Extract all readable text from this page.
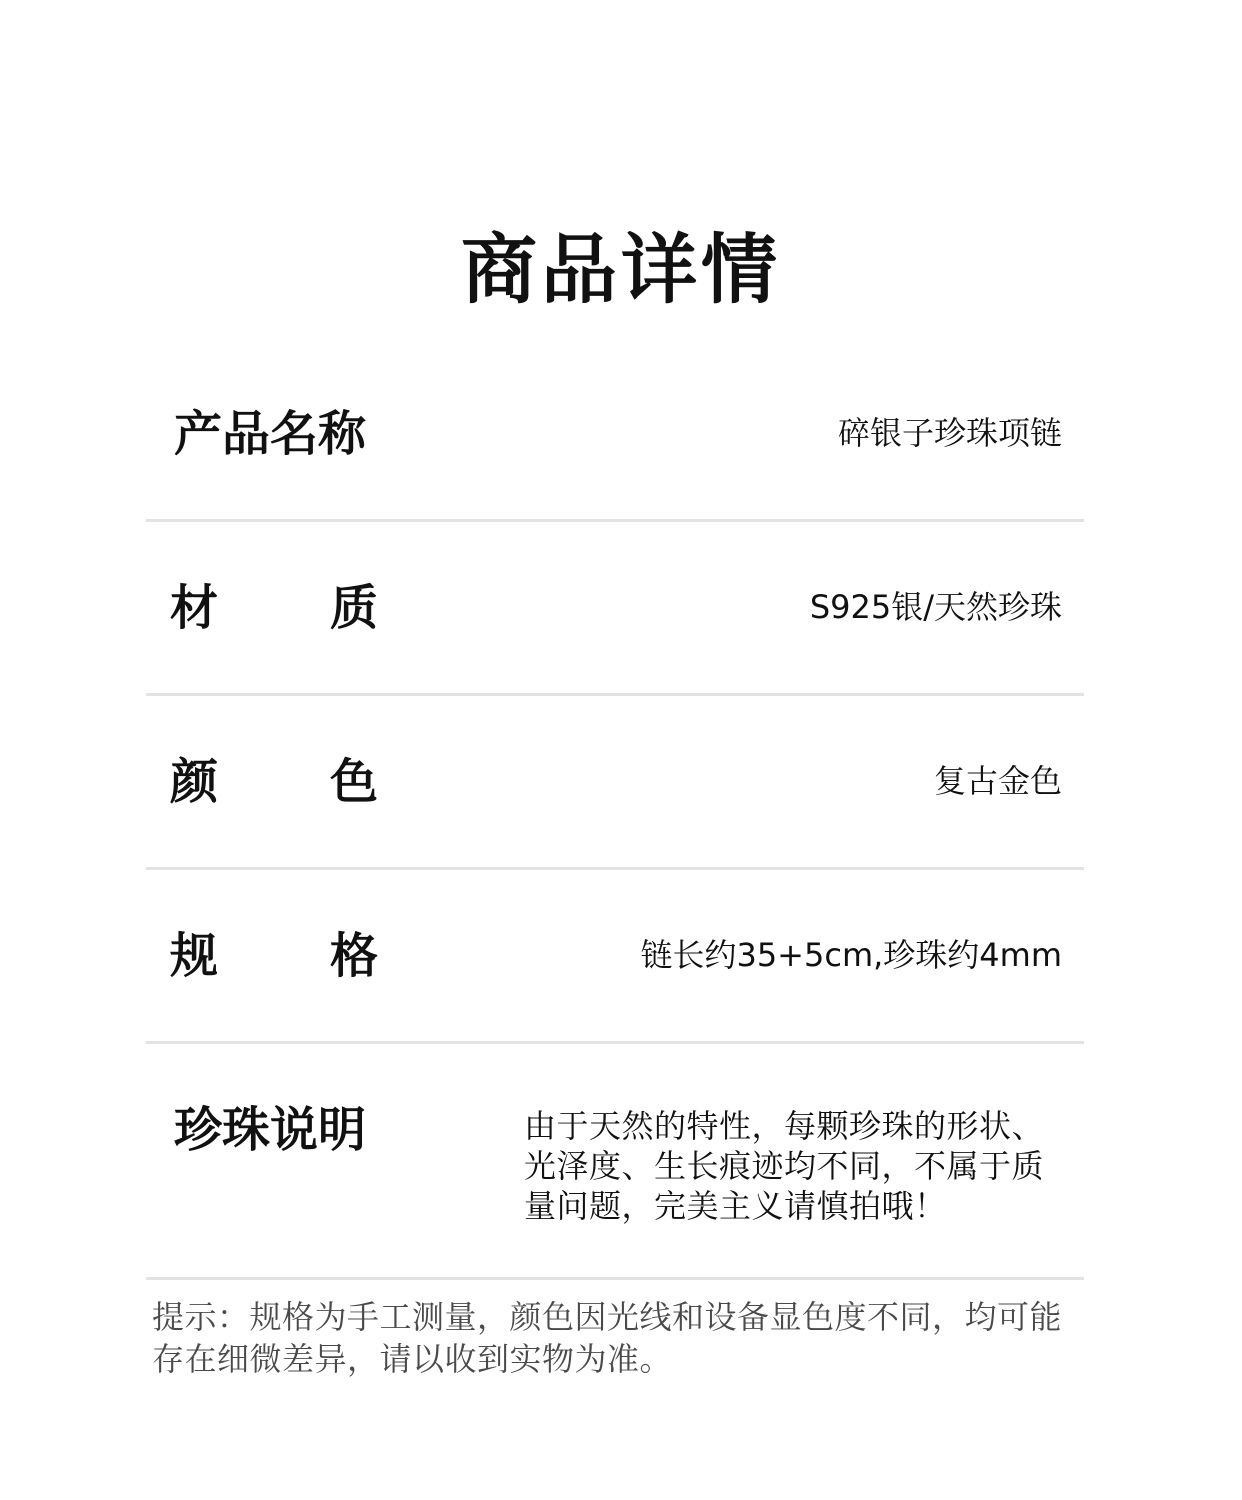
商品详情
产品名称	碎银子珍珠项链
材质	S925银/天然珍珠
颜色	复古金色
规格	链长约35+5cm,珍珠约4mm
珍珠说明	由于天然的特性，每颗珍珠的形状、光泽度、生长痕迹均不同，不属于质量问题，完美主义请慎拍哦！
提示：规格为手工测量，颜色因光线和设备显色度不同，均可能存在细微差异，请以收到实物为准。
